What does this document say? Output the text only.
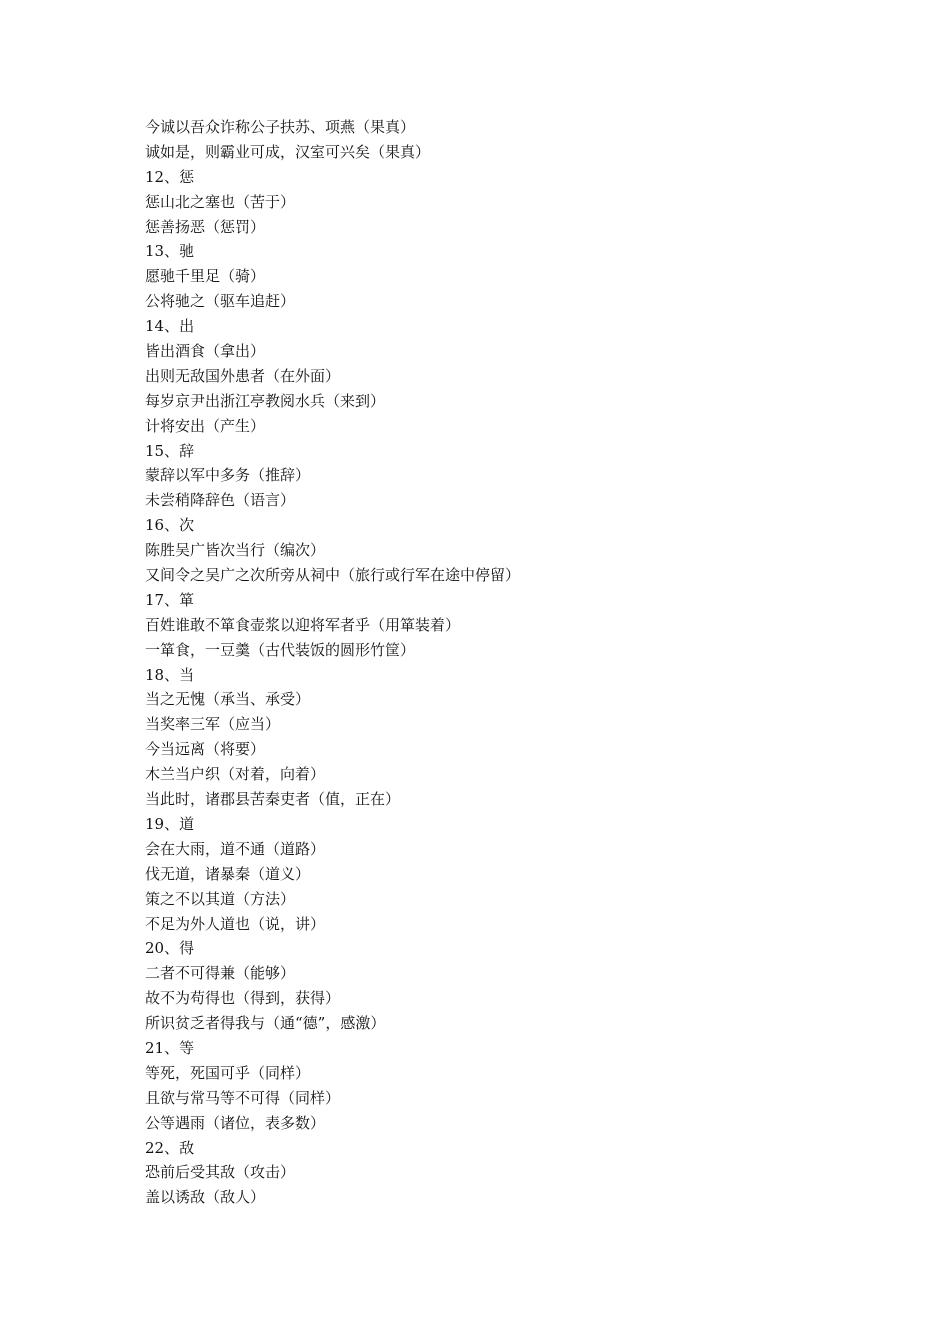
今诚以吾众诈称公子扶苏、项燕（果真）

诚如是，则霸业可成，汉室可兴矣（果真）

12、惩

惩山北之塞也（苦于）

惩善扬恶（惩罚）

13、驰

愿驰千里足（骑）

公将驰之（驱车追赶）

14、出

皆出酒食（拿出）

出则无敌国外患者（在外面）

每岁京尹出浙江亭教阅水兵（来到）

计将安出（产生）

15、辞

蒙辞以军中多务（推辞）

未尝稍降辞色（语言）

16、次

陈胜吴广皆次当行（编次）

又间令之吴广之次所旁从祠中（旅行或行军在途中停留）

17、箪

百姓谁敢不箪食壶浆以迎将军者乎（用箪装着）

一箪食，一豆羹（古代装饭的圆形竹筐）

18、当

当之无愧（承当、承受）

当奖率三军（应当）

今当远离（将要）

木兰当户织（对着，向着）

当此时，诸郡县苦秦吏者（值，正在）

19、道

会在大雨，道不通（道路）

伐无道，诸暴秦（道义）

策之不以其道（方法）

不足为外人道也（说，讲）

20、得

二者不可得兼（能够）

故不为苟得也（得到，获得）

所识贫乏者得我与（通“德”，感激）

21、等

等死，死国可乎（同样）

且欲与常马等不可得（同样）

公等遇雨（诸位，表多数）

22、敌

恐前后受其敌（攻击）

盖以诱敌（敌人）
